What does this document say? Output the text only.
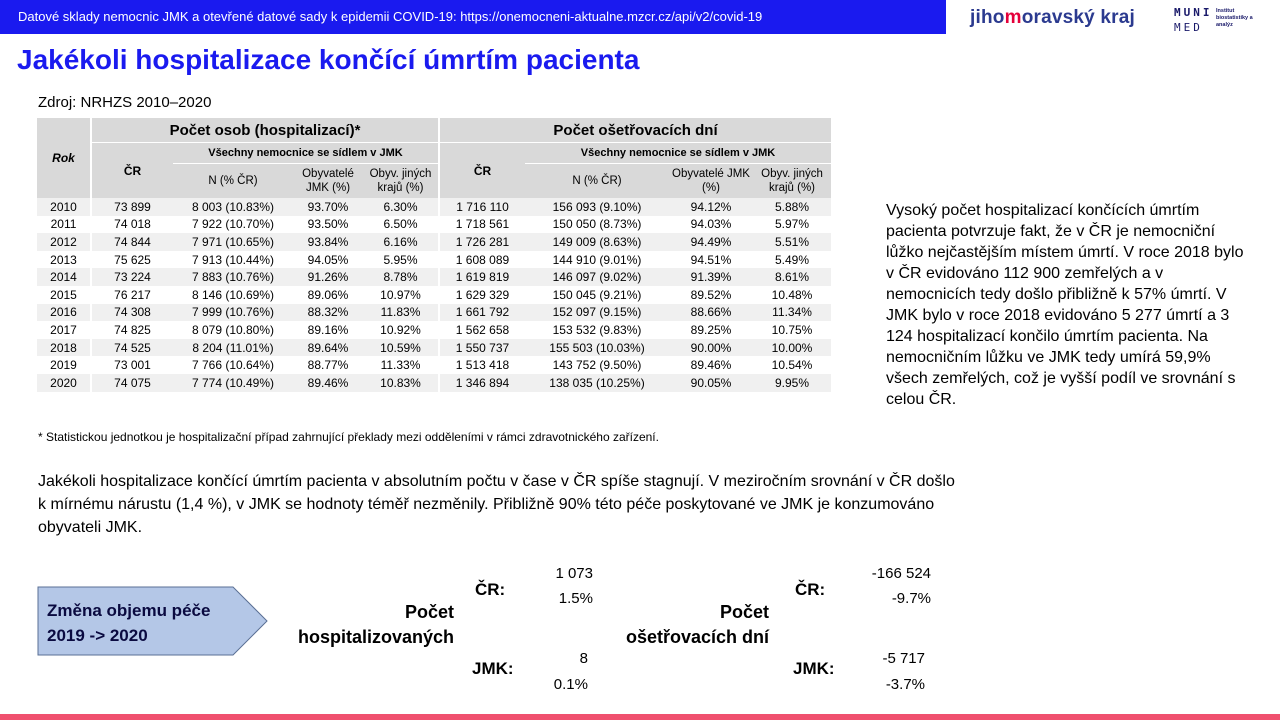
Datové sklady nemocnic JMK a otevřené datové sady k epidemii COVID-19: https://onemocneni-aktualne.mzcr.cz/api/v2/covid-19	jihomoravský kraj	MUNI
MED
Institut biostatistiky a analýz
Jakékoli hospitalizace končící úmrtím pacienta
Zdroj: NRHZS 2010–2020
Rok	Počet osob (hospitalizací)*				Počet ošetřovacích dní			
	ČR	Všechny nemocnice se sídlem v JMK			ČR	Všechny nemocnice se sídlem v JMK		
		N (% ČR)	Obyvatelé JMK (%)	Obyv. jiných krajů (%)		N (% ČR)	Obyvatelé JMK (%)	Obyv. jiných krajů (%)
2010	73 899	8 003 (10.83%)	93.70%	6.30%	1 716 110	156 093 (9.10%)	94.12%	5.88%
2011	74 018	7 922 (10.70%)	93.50%	6.50%	1 718 561	150 050 (8.73%)	94.03%	5.97%
2012	74 844	7 971 (10.65%)	93.84%	6.16%	1 726 281	149 009 (8.63%)	94.49%	5.51%
2013	75 625	7 913 (10.44%)	94.05%	5.95%	1 608 089	144 910 (9.01%)	94.51%	5.49%
2014	73 224	7 883 (10.76%)	91.26%	8.78%	1 619 819	146 097 (9.02%)	91.39%	8.61%
2015	76 217	8 146 (10.69%)	89.06%	10.97%	1 629 329	150 045 (9.21%)	89.52%	10.48%
2016	74 308	7 999 (10.76%)	88.32%	11.83%	1 661 792	152 097 (9.15%)	88.66%	11.34%
2017	74 825	8 079 (10.80%)	89.16%	10.92%	1 562 658	153 532 (9.83%)	89.25%	10.75%
2018	74 525	8 204 (11.01%)	89.64%	10.59%	1 550 737	155 503 (10.03%)	90.00%	10.00%
2019	73 001	7 766 (10.64%)	88.77%	11.33%	1 513 418	143 752 (9.50%)	89.46%	10.54%
2020	74 075	7 774 (10.49%)	89.46%	10.83%	1 346 894	138 035 (10.25%)	90.05%	9.95%
* Statistickou jednotkou je hospitalizační případ zahrnující překlady mezi odděleními v rámci zdravotnického zařízení.
Vysoký počet hospitalizací končících úmrtím pacienta potvrzuje fakt, že v ČR je nemocniční lůžko nejčastějším místem úmrtí. V roce 2018 bylo v ČR evidováno 112 900 zemřelých a v nemocnicích tedy došlo přibližně k 57% úmrtí. V JMK bylo v roce 2018 evidováno 5 277 úmrtí a 3 124 hospitalizací končilo úmrtím pacienta. Na nemocničním lůžku ve JMK tedy umírá 59,9% všech zemřelých, což je vyšší podíl ve srovnání s celou ČR.
Jakékoli hospitalizace končící úmrtím pacienta v absolutním počtu v čase v ČR spíše stagnují. V meziročním srovnání v ČR došlo k mírnému nárustu (1,4 %), v JMK se hodnoty téměř nezměnily. Přibližně 90% této péče poskytované ve JMK je konzumováno obyvateli JMK.
Změna objemu péče
2019 -> 2020
Počet
hospitalizovaných
ČR:
1 073
1.5%
JMK:
8
0.1%
Počet
ošetřovacích dní
ČR:
-166 524
-9.7%
JMK:
-5 717
-3.7%
